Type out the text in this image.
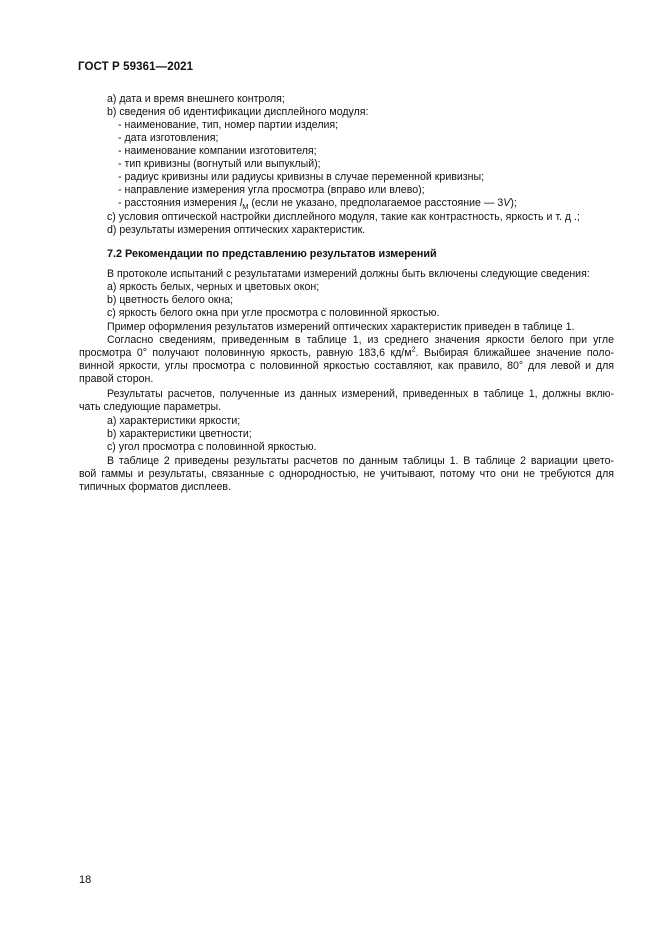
ГОСТ Р 59361—2021
а) дата и время внешнего контроля;
b) сведения об идентификации дисплейного модуля:
- наименование, тип, номер партии изделия;
- дата изготовления;
- наименование компании изготовителя;
- тип кривизны (вогнутый или выпуклый);
- радиус кривизны или радиусы кривизны в случае переменной кривизны;
- направление измерения угла просмотра (вправо или влево);
- расстояния измерения $l_M$ (если не указано, предполагаемое расстояние — 3V);
с) условия оптической настройки дисплейного модуля, такие как контрастность, яркость и т. д .;
d) результаты измерения оптических характеристик.
7.2 Рекомендации по представлению результатов измерений
В протоколе испытаний с результатами измерений должны быть включены следующие сведения:
а) яркость белых, черных и цветовых окон;
b) цветность белого окна;
с) яркость белого окна при угле просмотра с половинной яркостью.
Пример оформления результатов измерений оптических характеристик приведен в таблице 1.
Согласно сведениям, приведенным в таблице 1, из среднего значения яркости белого при угле
просмотра 0° получают половинную яркость, равную 183,6 $кд/м^2$. Выбирая ближайшее значение поло-
винной яркости, углы просмотра с половинной яркостью составляют, как правило, 80° для левой и для
правой сторон.
Результаты расчетов, полученные из данных измерений, приведенных в таблице 1, должны вклю-
чать следующие параметры.
а) характеристики яркости;
b) характеристики цветности;
с) угол просмотра с половинной яркостью.
В таблице 2 приведены результаты расчетов по данным таблицы 1. В таблице 2 вариации цвето-
вой гаммы и результаты, связанные с однородностью, не учитывают, потому что они не требуются для
типичных форматов дисплеев.
18
